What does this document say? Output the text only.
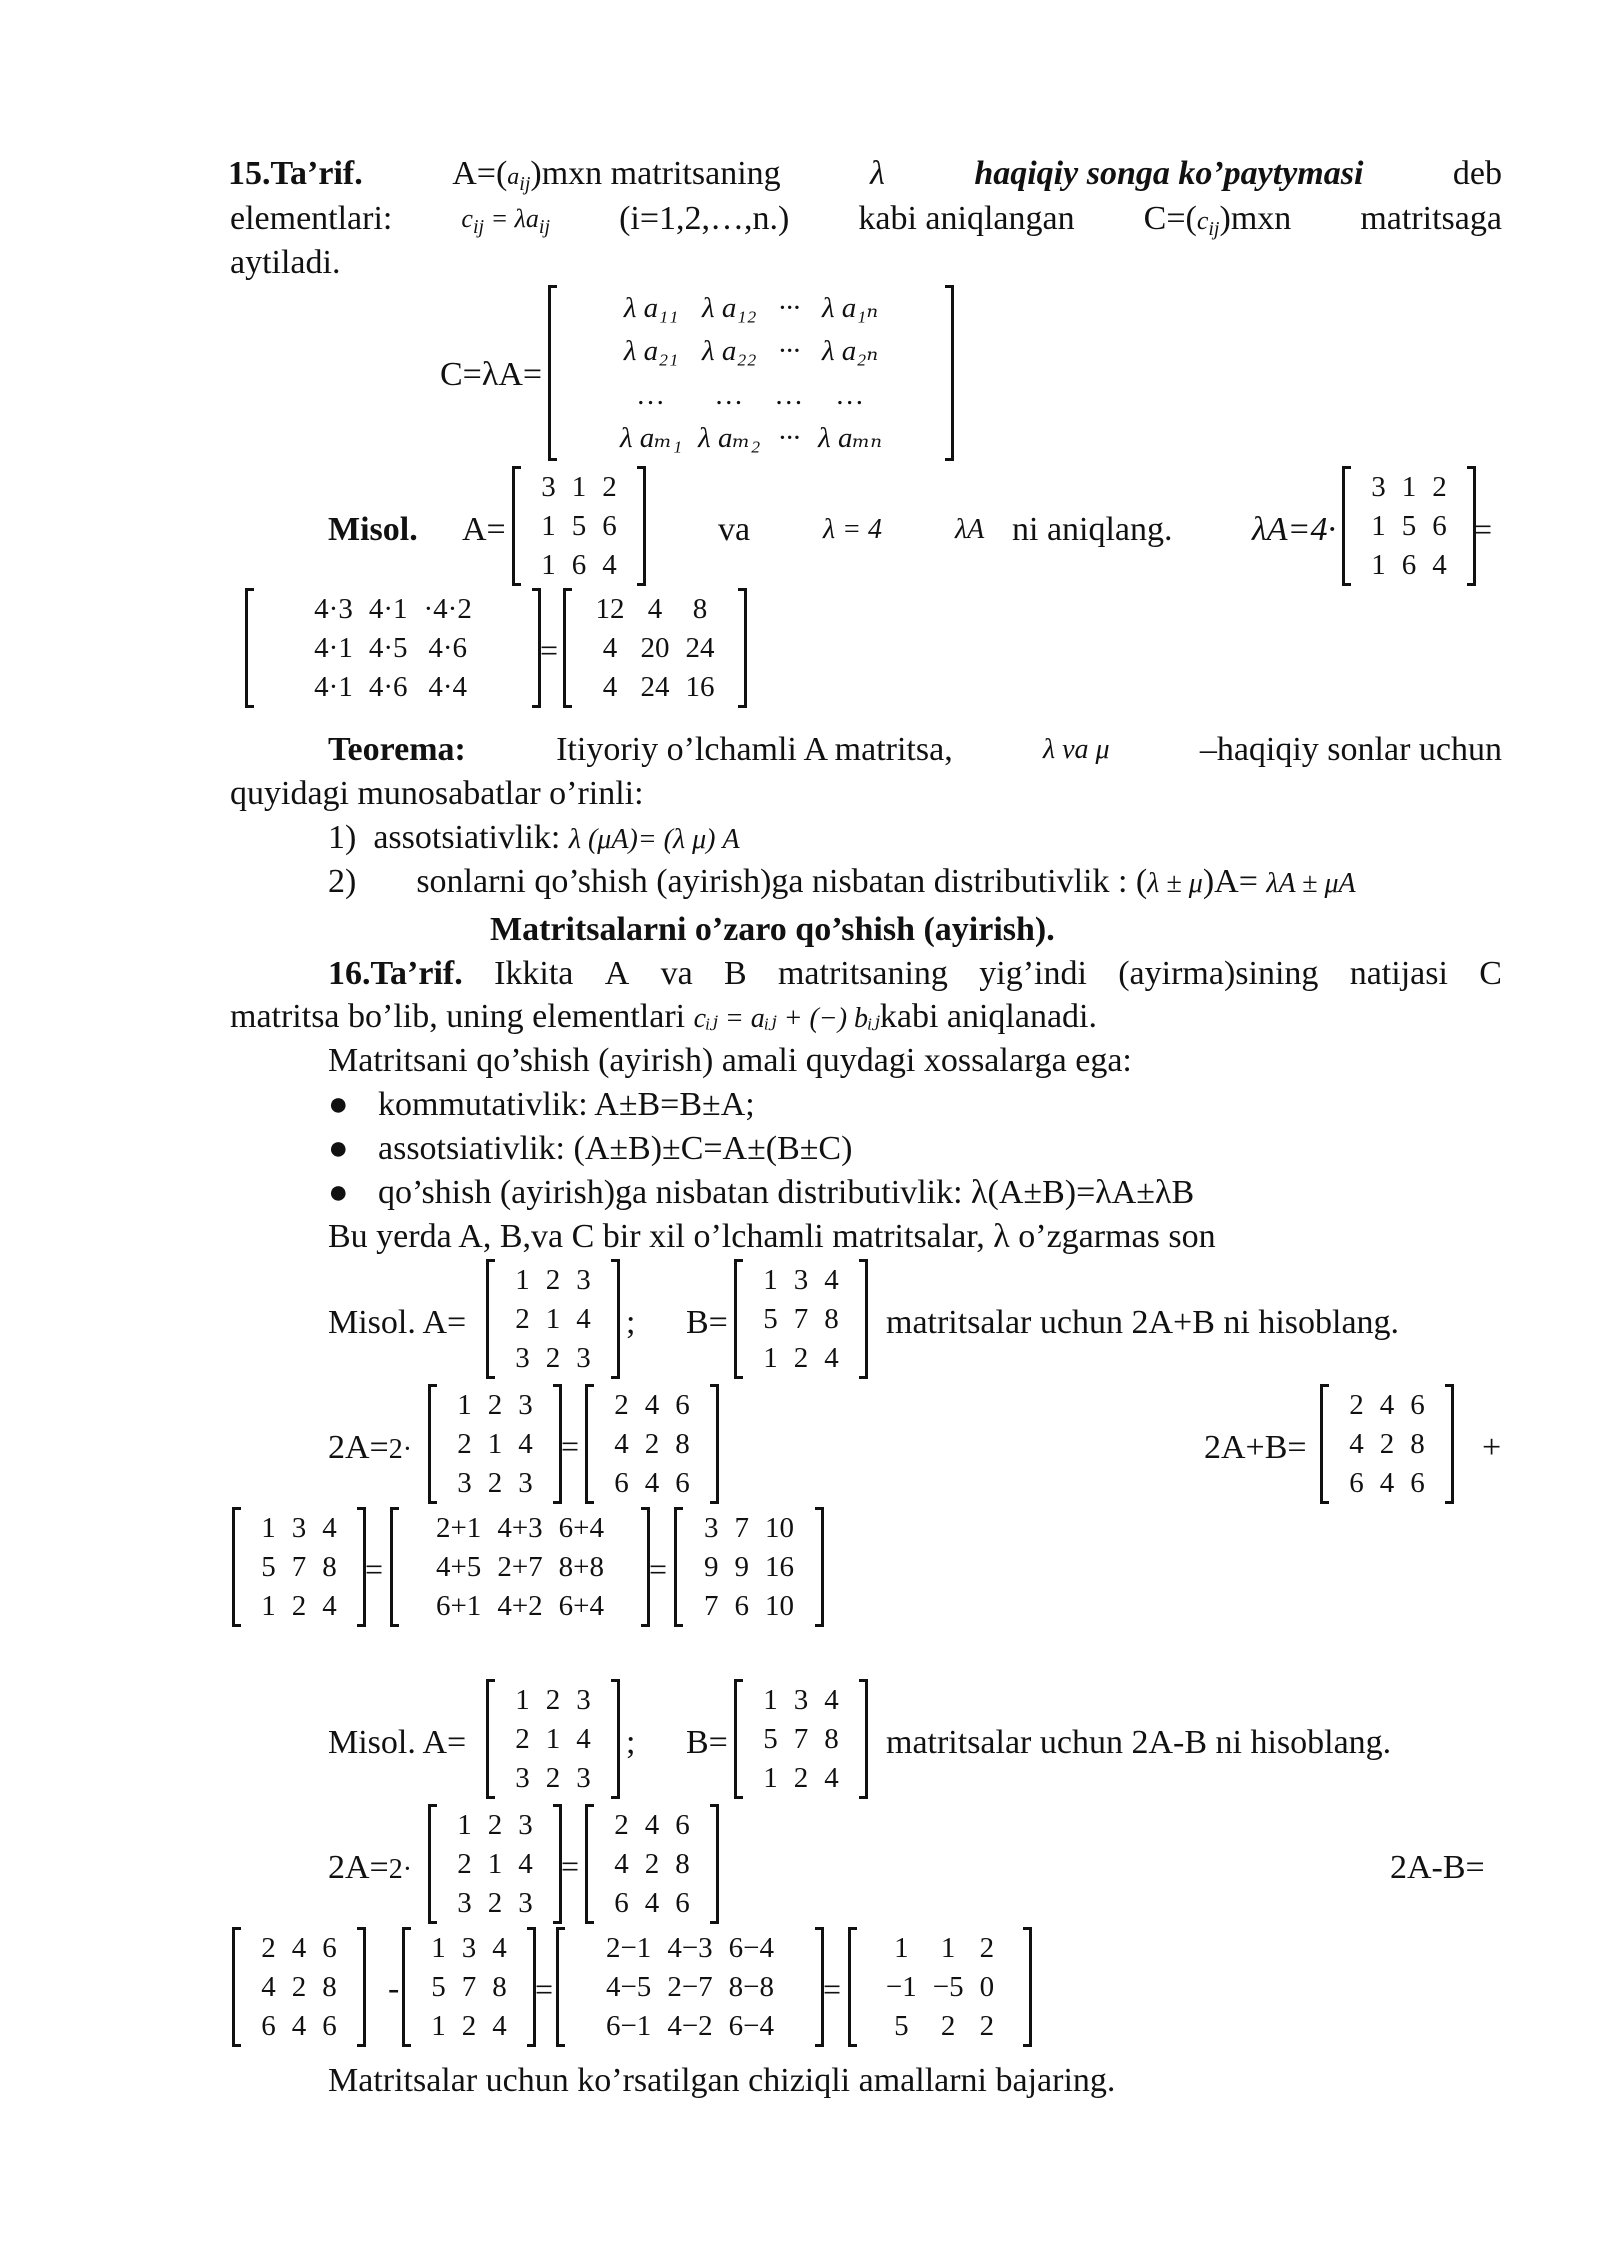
15.Ta’rif.	$A=(a_{ij})mxn$ matritsaning	λ	haqiqiy songa ko’paytymasi	deb
elementlari:	$c_{ij} = \lambda a_{ij}$ (i=1,2,…,n.) kabi aniqlangan $C=(c_{ij})mxn$ matritsaga
aytiladi.
C=λA=
λ a₁₁	λ a₁₂	···	λ a₁ₙ
λ a₂₁	λ a₂₂	···	λ a₂ₙ
…	…	…	…
λ aₘ₁	λ aₘ₂	···	λ aₘₙ
Misol. A=
3	1	2
1	5	6
1	6	4
va	λ = 4	λA ni aniqlang. λA=4·
3	1	2
1	5	6
1	6	4
=
4·3	4·1	·4·2
4·1	4·5	4·6
4·1	4·6	4·4
=
12	4	8
4	20	24
4	24	16
Teorema:	Itiyoriy o’lchamli A matritsa,	λ va μ	–haqiqiy sonlar uchun
quyidagi munosabatlar o’rinli:
1) assotsiativlik: λ (μA)= (λ μ) A
2) sonlarni qo’shish (ayirish)ga nisbatan distributivlik : (λ ± μ)A= λA ± μA
Matritsalarni o’zaro qo’shish (ayirish).
16.Ta’rif. Ikkita A va B matritsaning yig’indi (ayirma)sining natijasi C
matritsa bo’lib, uning elementlari cᵢⱼ = aᵢⱼ + (−) bᵢⱼkabi aniqlanadi.
Matritsani qo’shish (ayirish) amali quydagi xossalarga ega:
● kommutativlik: A±B=B±A;
● assotsiativlik: (A±B)±C=A±(B±C)
● qo’shish (ayirish)ga nisbatan distributivlik: λ(A±B)=λA±λB
Bu yerda A, B,va C bir xil o’lchamli matritsalar, λ o’zgarmas son
Misol. A=
1	2	3
2	1	4
3	2	3
; B=
1	3	4
5	7	8
1	2	4
matritsalar uchun 2A+B ni hisoblang.
2A=2·
1	2	3
2	1	4
3	2	3
=
2	4	6
4	2	8
6	4	6
2A+B=
2	4	6
4	2	8
6	4	6
+
1	3	4
5	7	8
1	2	4
=
2+1	4+3	6+4
4+5	2+7	8+8
6+1	4+2	6+4
=
3	7	10
9	9	16
7	6	10
Misol. A=
1	2	3
2	1	4
3	2	3
; B=
1	3	4
5	7	8
1	2	4
matritsalar uchun 2A-B ni hisoblang.
2A=2·
1	2	3
2	1	4
3	2	3
=
2	4	6
4	2	8
6	4	6
2A-B=
2	4	6
4	2	8
6	4	6
-
1	3	4
5	7	8
1	2	4
=
2−1	4−3	6−4
4−5	2−7	8−8
6−1	4−2	6−4
=
1	1	2
−1	−5	0
5	2	2
Matritsalar uchun ko’rsatilgan chiziqli amallarni bajaring.
